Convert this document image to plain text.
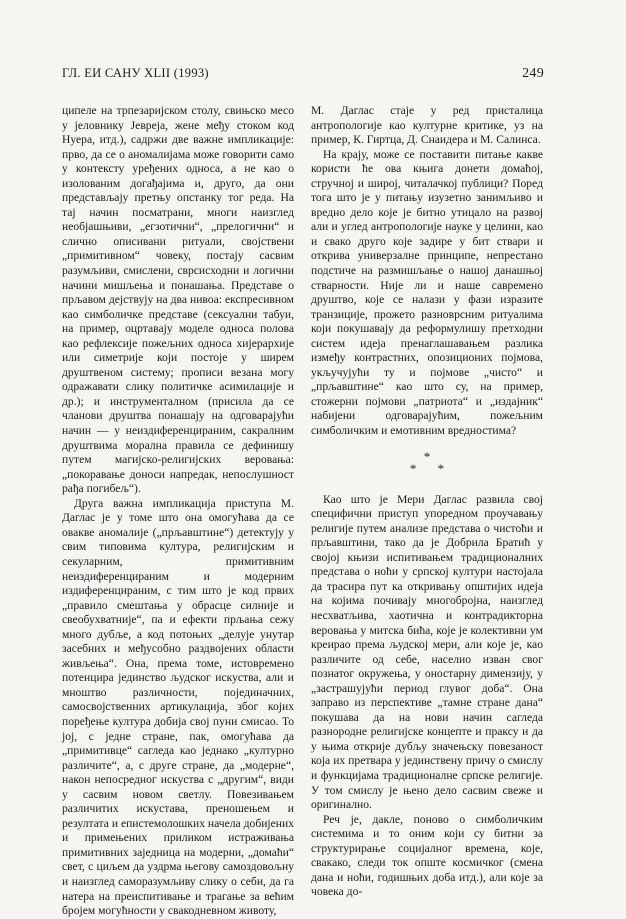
ГЛ. ЕИ САНУ XLII (1993)	249

ципеле на трпезаријском столу, свињско месо у јеловнику Јевреја, жене међу стоком код Нуера, итд.), садржи две важне импликације: прво, да се о аномалијама може говорити само у контексту уређених односа, а не као о изолованим догађајима и, друго, да они представљају претњу опстанку тог реда. На тај начин посматрани, многи наизглед необјашњиви, „егзотични“, „прелогични“ и слично описивани ритуали, својствени „примитивном“ човеку, постају сасвим разумљиви, смислени, сврсисходни и логични начини мишљења и понашања. Представе о прљавом дејствују на два нивоа: експресивном као симболичке представе (сексуални табуи, на пример, оцртавају моделе односа полова као рефлексије пожељних односа хијерархије или симетрије који постоје у ширем друштвеном систему; прописи везана могу одражавати слику политичке асимилације и др.); и инструменталном (присила да се чланови друштва понашају на одговарајући начин — у неиздиференцираним, сакралним друштвима морална правила се дефинишу путем магијско-религијских веровања: „покоравање доноси напредак, непослушност рађа погибељ“).

Друга важна импликација приступа М. Даглас је у томе што она омогућава да се овакве аномалије („прљавштине“) детектују у свим типовима култура, религијским и секуларним, примитивним неиздиференцираним и модерним издиференцираним, с тим што је код првих „правило смештања у обрасце силније и свеобухватније“, па и ефекти прљања сежу много дубље, а код потоњих „делује унутар засебних и међусобно раздвојених области живљења“. Она, према томе, истовремено потенцира јединство људског искуства, али и мноштво различности, појединачних, самосвојственних артикулација, због којих поређење култура добија свој пуни смисао. То јој, с једне стране, пак, омогућава да „примитивце“ сагледа као једнако „културно различите“, а, с друге стране, да „модерне“, након непосредног искуства с „другим“, види у сасвим новом светлу. Повезивањем различитих искустава, преношењем и резултата и епистемолошких начела добијених и примењених приликом истраживања примитивних заједница на модерни, „домаћи“ свет, с циљем да уздрма његову самоздовољну и наизглед саморазумљиву слику о себи, да га натера на преиспитивање и трагање за већим бројем могућности у свакодневном животу,

М. Даглас стаје у ред присталица антропологије као културне критике, уз на пример, К. Гиртца, Д. Снаидера и М. Салинса.

На крају, може се поставити питање какве користи ће ова књига донети домаћој, стручној и широј, читалачкој публици? Поред тога што је у питању изузетно занимљиво и вредно дело које је битно утицало на развој али и углед антропологије науке у целини, као и свако друго које задире у бит ствари и открива универзалне принципе, непрестано подстиче на размишљање о нашој данашњој стварности. Није ли и наше савремено друштво, које се налази у фази изразите транзиције, прожето разноврсним ритуалима који покушавају да реформулишу претходни систем идеја пренаглашавањем разлика између контрастних, опозиционих појмова, укључујући ту и појмове „чисто“ и „прљавштине“ као што су, на пример, стожерни појмови „патриота“ и „издајник“ набијени одговарајућим, пожељним симболичким и емотивним вредностима?

*
* *

Као што је Мери Даглас развила свој специфични приступ упоредном проучавању религије путем анализе представа о чистоћи и прљавштини, тако да је Добрила Братић у својој књизи испитивањем традиционалних представа о ноћи у српској култури настојала да трасира пут ка откривању општијих идеја на којима почивају многобројна, наизглед несхватљива, хаотична и контрадикторна веровања у митска бића, које је колективни ум креирао према људској мери, али које је, као различите од себе, населио изван свог познатог окружења, у оностарну димензију, у „застрашујући период глувог доба“. Она заправо из перспективе „тамне стране дана“ покушава да на нови начин сагледа разнородне религијске концепте и праксу и да у њима открије дубљу значењску повезаност која их претвара у јединствену причу о смислу и функцијама традиционалне српске религије. У том смислу је њено дело сасвим свеже и оригинално.

Реч је, дакле, поново о симболичким системима и то оним који су битни за структурирање социјалног времена, које, свакако, следи ток опште космичког (смена дана и ноћи, годишњих доба итд.), али које за човека до-
